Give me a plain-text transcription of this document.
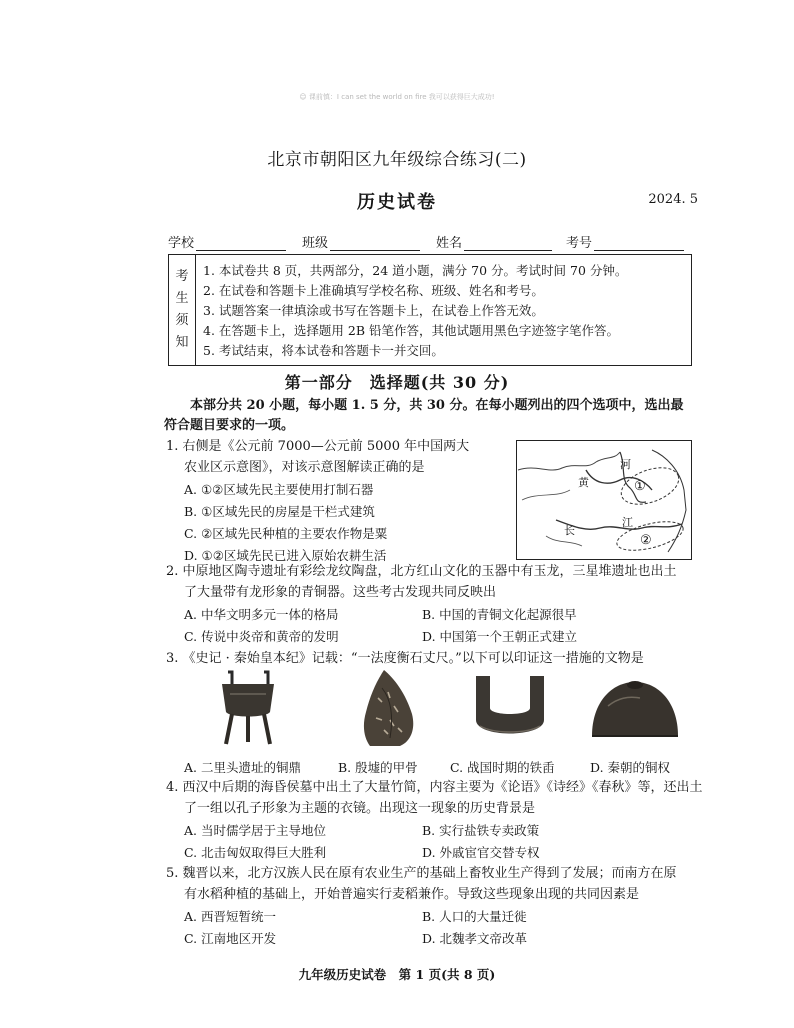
☺ 课前慎：I can set the world on fire 我可以获得巨大成功!
北京市朝阳区九年级综合练习(二)
历史试卷	2024. 5
学校	班级	姓名	考号
考
生
须
知
1. 本试卷共 8 页，共两部分，24 道小题，满分 70 分。考试时间 70 分钟。
2. 在试卷和答题卡上准确填写学校名称、班级、姓名和考号。
3. 试题答案一律填涂或书写在答题卡上，在试卷上作答无效。
4. 在答题卡上，选择题用 2B 铅笔作答，其他试题用黑色字迹签字笔作答。
5. 考试结束，将本试卷和答题卡一并交回。
第一部分　选择题(共 30 分)
本部分共 20 小题，每小题 1. 5 分，共 30 分。在每小题列出的四个选项中，选出最符合题目要求的一项。
1. 右侧是《公元前 7000—公元前 5000 年中国两大
农业区示意图》，对该示意图解读正确的是
A. ①②区域先民主要使用打制石器
B. ①区域先民的房屋是干栏式建筑
C. ②区域先民种植的主要农作物是粟
D. ①②区域先民已进入原始农耕生活
河
黄	①
长
江
②
2. 中原地区陶寺遗址有彩绘龙纹陶盘，北方红山文化的玉器中有玉龙，三星堆遗址也出土
了大量带有龙形象的青铜器。这些考古发现共同反映出
A. 中华文明多元一体的格局	B. 中国的青铜文化起源很早
C. 传说中炎帝和黄帝的发明	D. 中国第一个王朝正式建立
3. 《史记 · 秦始皇本纪》记载：“一法度衡石丈尺。”以下可以印证这一措施的文物是
A. 二里头遗址的铜鼎	B. 殷墟的甲骨	C. 战国时期的铁臿	D. 秦朝的铜权
4. 西汉中后期的海昏侯墓中出土了大量竹简，内容主要为《论语》《诗经》《春秋》等，还出土
了一组以孔子形象为主题的衣镜。出现这一现象的历史背景是
A. 当时儒学居于主导地位	B. 实行盐铁专卖政策
C. 北击匈奴取得巨大胜利	D. 外戚宦官交替专权
5. 魏晋以来，北方汉族人民在原有农业生产的基础上畜牧业生产得到了发展；而南方在原
有水稻种植的基础上，开始普遍实行麦稻兼作。导致这些现象出现的共同因素是
A. 西晋短暂统一	B. 人口的大量迁徙
C. 江南地区开发	D. 北魏孝文帝改革
九年级历史试卷　第 1 页(共 8 页)
